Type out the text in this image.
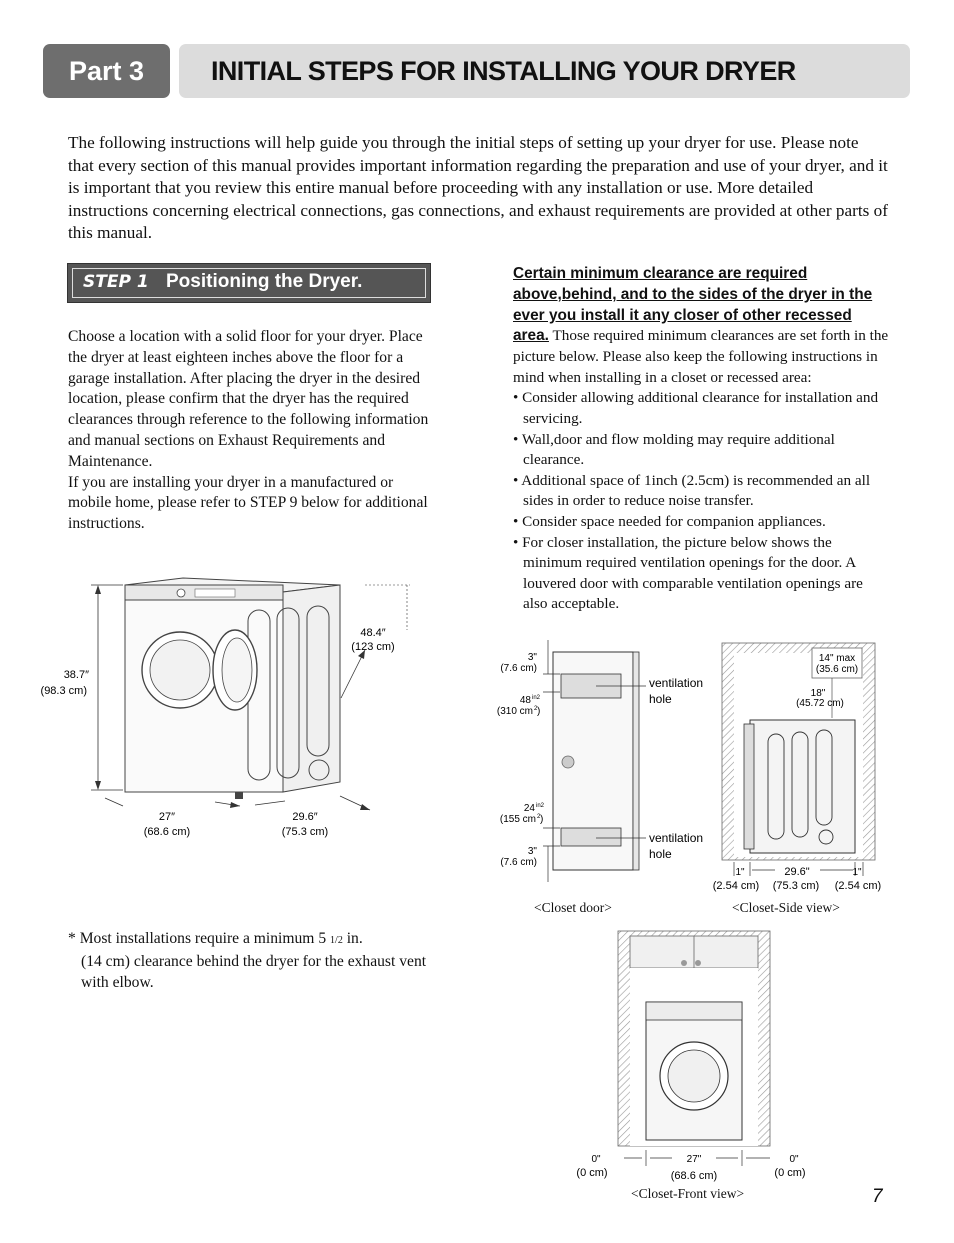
Part 3	INITIAL STEPS FOR INSTALLING YOUR DRYER
The following instructions will help guide you through the initial steps of setting up your dryer for use. Please note that every section of this manual provides important information regarding the preparation and use of your dryer, and it is important that you review this entire manual before proceeding with any installation or use. More detailed instructions concerning electrical connections, gas connections, and exhaust requirements are provided at other parts of this manual.
STEP 1 Positioning the Dryer.
Choose a location with a solid floor for your dryer. Place the dryer at least eighteen inches above the floor for a garage installation. After placing the dryer in the desired location, please confirm that the dryer has the required clearances through reference to the following information and manual sections on Exhaust Requirements and Maintenance.
If you are installing your dryer in a manufactured or mobile home, please refer to STEP 9 below for additional instructions.
Certain minimum clearance are required above,behind, and to the sides of the dryer in the ever you install it any closer of other recessed area. Those required minimum clearances are set forth in the picture below. Please also keep the following instructions in mind when installing in a closet or recessed area:
• Consider allowing additional clearance for installation and servicing.
• Wall,door and flow molding may require additional clearance.
• Additional space of 1inch (2.5cm) is recommended an all sides in order to reduce noise transfer.
• Consider space needed for companion appliances.
• For closer installation, the picture below shows the minimum required ventilation openings for the door. A louvered door with comparable ventilation openings are also acceptable.
38.7″
(98.3 cm)
48.4″
(123 cm)
27″
(68.6 cm)
29.6″
(75.3 cm)
* Most installations require a minimum 5 1/2 in.
(14 cm) clearance behind the dryer for the exhaust vent with elbow.
3"
(7.6 cm)
48 in2
(310 cm 2 )
24 in2
(155 cm 2 )
3"
(7.6 cm)
ventilation
hole
ventilation
hole
<Closet door>
14" max
(35.6 cm)
18"
(45.72 cm)
1"
(2.54 cm)
29.6"
(75.3 cm)
1"
(2.54 cm)
<Closet-Side view>
0"
(0 cm)
27"
(68.6 cm)
0"
(0 cm)
<Closet-Front view>	7
